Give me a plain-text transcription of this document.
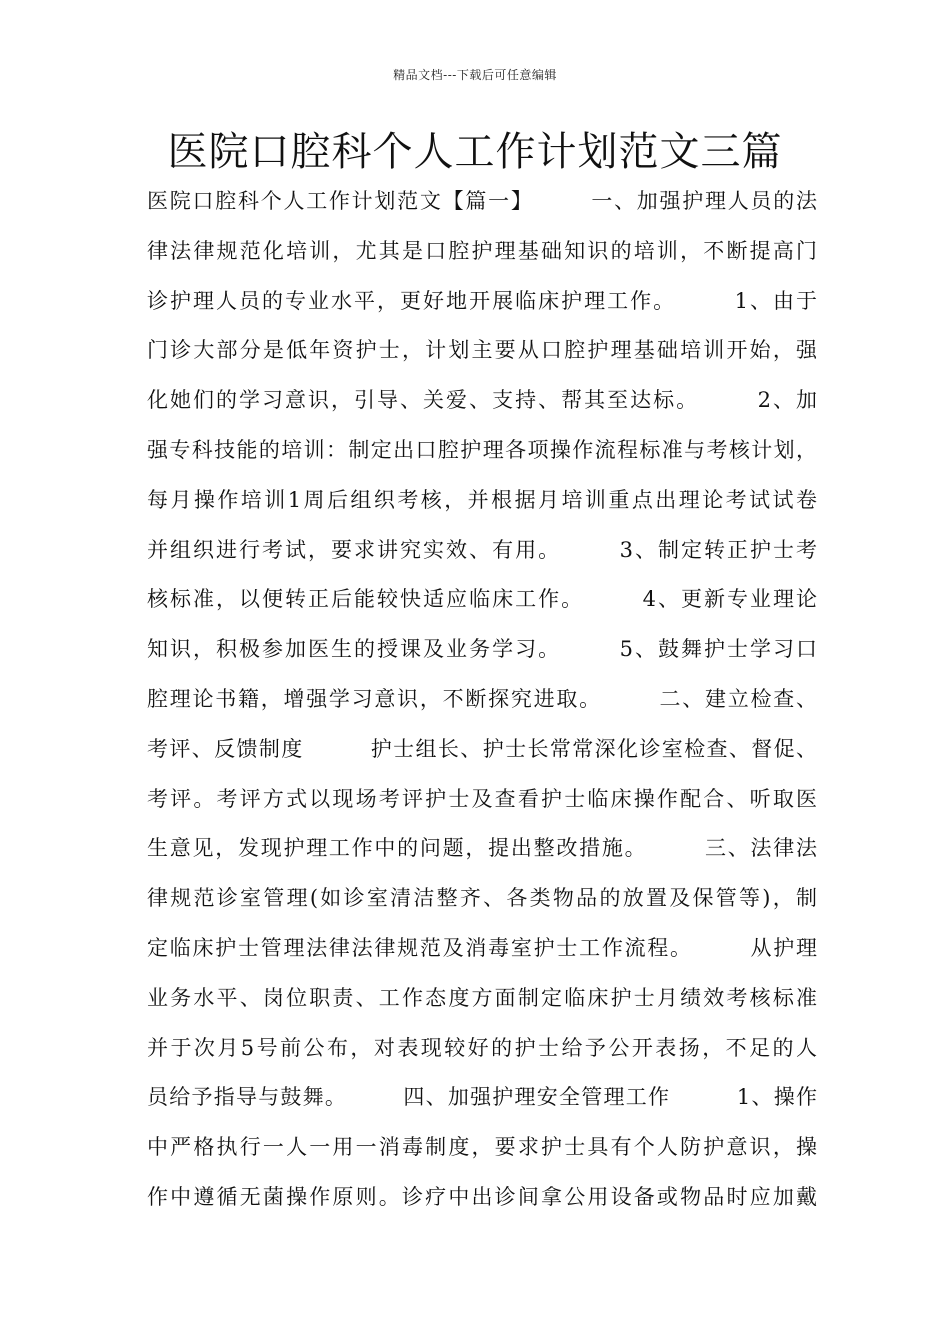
精品文档---下载后可任意编辑
医院口腔科个人工作计划范文三篇
医院口腔科个人工作计划范文【篇一】　　　一、加强护理人员的法
律法律规范化培训，尤其是口腔护理基础知识的培训，不断提高门
诊护理人员的专业水平，更好地开展临床护理工作。　　　1、由于
门诊大部分是低年资护士，计划主要从口腔护理基础培训开始，强
化她们的学习意识，引导、关爱、支持、帮其至达标。　　　2、加
强专科技能的培训：制定出口腔护理各项操作流程标准与考核计划，
每月操作培训1周后组织考核，并根据月培训重点出理论考试试卷
并组织进行考试，要求讲究实效、有用。　　　3、制定转正护士考
核标准，以便转正后能较快适应临床工作。　　　4、更新专业理论
知识，积极参加医生的授课及业务学习。　　　5、鼓舞护士学习口
腔理论书籍，增强学习意识，不断探究进取。　　　二、建立检查、
考评、反馈制度　　　护士组长、护士长常常深化诊室检查、督促、
考评。考评方式以现场考评护士及查看护士临床操作配合、听取医
生意见，发现护理工作中的问题，提出整改措施。　　　三、法律法
律规范诊室管理(如诊室清洁整齐、各类物品的放置及保管等)，制
定临床护士管理法律法律规范及消毒室护士工作流程。　　　从护理
业务水平、岗位职责、工作态度方面制定临床护士月绩效考核标准
并于次月5号前公布，对表现较好的护士给予公开表扬，不足的人
员给予指导与鼓舞。　　　四、加强护理安全管理工作　　　1、操作
中严格执行一人一用一消毒制度，要求护士具有个人防护意识，操
作中遵循无菌操作原则。诊疗中出诊间拿公用设备或物品时应加戴
